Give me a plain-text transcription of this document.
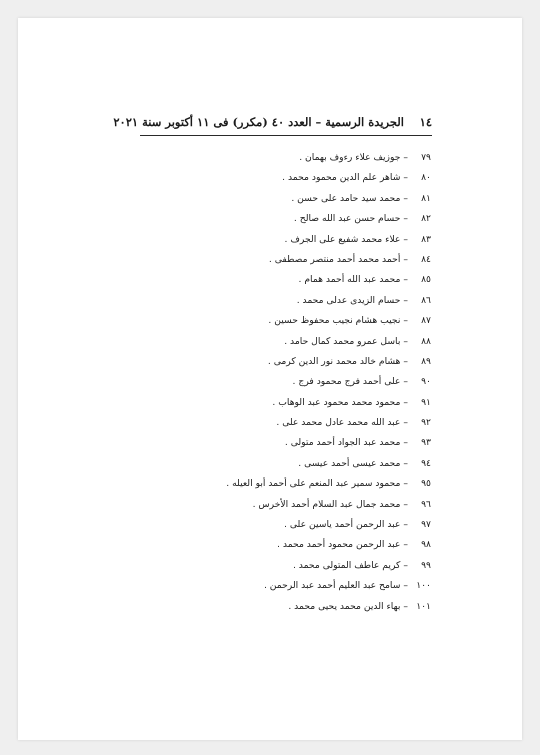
١٤
الجريدة الرسمية – العدد ٤٠ (مكرر) فى ١١ أكتوبر سنة ٢٠٢١
٧٩–جوزيف علاء رءوف بهمان .
٨٠–شاهر علم الدين محمود محمد .
٨١–محمد سيد حامد على حسن .
٨٢–حسام حسن عبد الله صالح .
٨٣–علاء محمد شفيع على الجرف .
٨٤–أحمد محمد أحمد منتصر مصطفى .
٨٥–محمد عبد الله أحمد همام .
٨٦–حسام الزيدى عدلى محمد .
٨٧–نجيب هشام نجيب محفوظ حسين .
٨٨–باسل عمرو محمد كمال حامد .
٨٩–هشام خالد محمد نور الدين كرمى .
٩٠–على أحمد فرج محمود فرج .
٩١–محمود محمد محمود عبد الوهاب .
٩٢–عبد الله محمد عادل محمد على .
٩٣–محمد عبد الجواد أحمد متولى .
٩٤–محمد عيسى أحمد عيسى .
٩٥–محمود سمير عبد المنعم على أحمد أبو العيله .
٩٦–محمد جمال عبد السلام أحمد الأخرس .
٩٧–عبد الرحمن أحمد ياسين على .
٩٨–عبد الرحمن محمود أحمد محمد .
٩٩–كريم عاطف المتولى محمد .
١٠٠–سامح عبد العليم أحمد عبد الرحمن .
١٠١–بهاء الدين محمد يحيى محمد .
